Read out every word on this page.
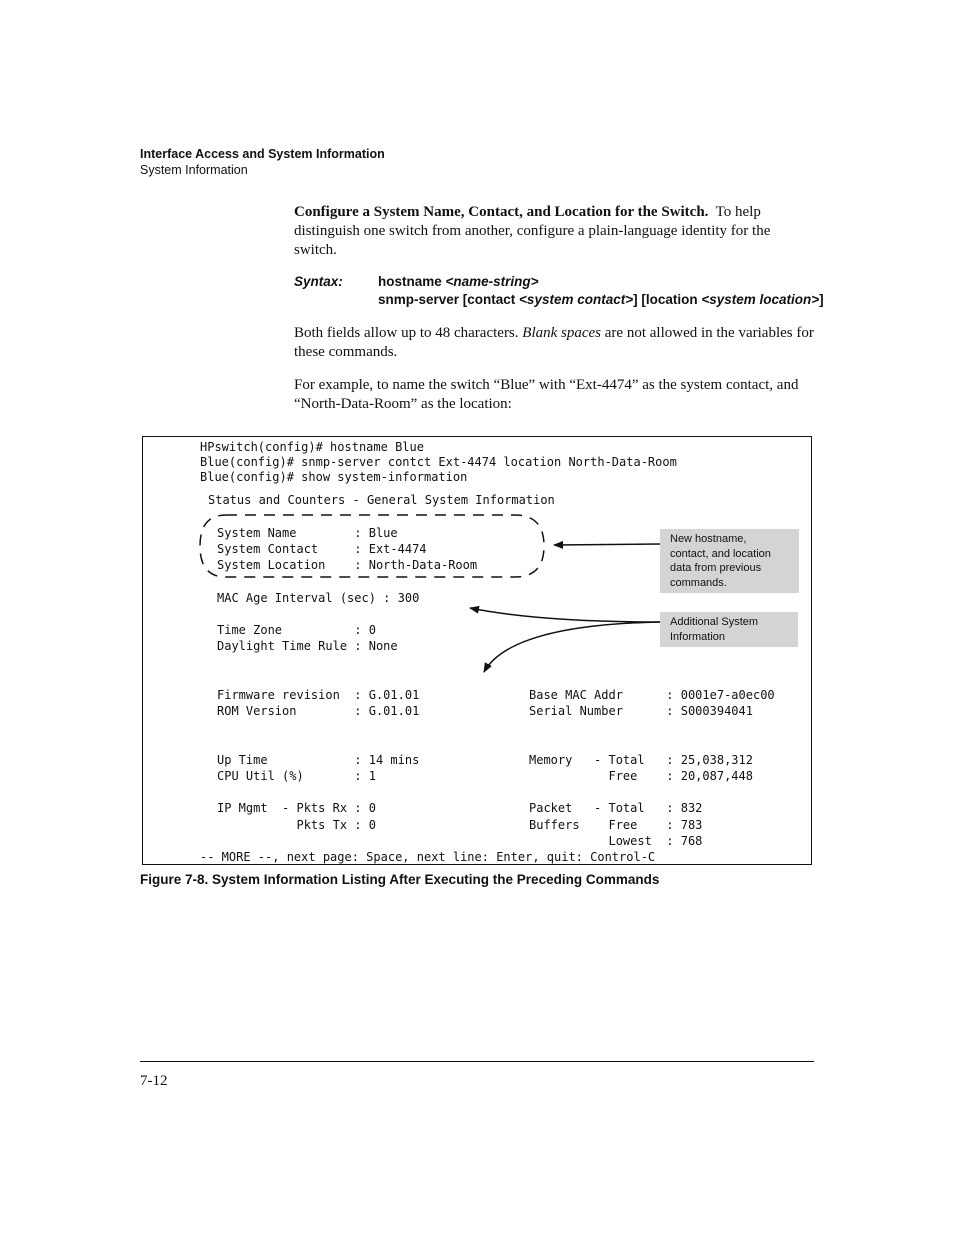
Interface Access and System Information
System Information
Configure a System Name, Contact, and Location for the Switch. To help distinguish one switch from another, configure a plain-language identity for the switch.
Syntax:	hostname <name-string>
snmp-server [contact <system contact>] [location <system location>]
Both fields allow up to 48 characters. Blank spaces are not allowed in the variables for these commands.
For example, to name the switch “Blue” with “Ext-4474” as the system contact, and “North-Data-Room” as the location:
HPswitch(config)# hostname Blue
Blue(config)# snmp-server contct Ext-4474 location North-Data-Room
Blue(config)# show system-information
Status and Counters - General System Information
System Name        : Blue
System Contact     : Ext-4474
System Location    : North-Data-Room
MAC Age Interval (sec) : 300
Time Zone          : 0
Daylight Time Rule : None
Firmware revision  : G.01.01
ROM Version        : G.01.01
Base MAC Addr      : 0001e7-a0ec00
Serial Number      : S000394041
Up Time            : 14 mins
CPU Util (%)       : 1
Memory   - Total   : 25,038,312
Free    : 20,087,448
IP Mgmt  - Pkts Rx : 0
Pkts Tx : 0
Packet   - Total   : 832
Buffers    Free    : 783
Lowest  : 768
-- MORE --, next page: Space, next line: Enter, quit: Control-C
New hostname,
contact, and location
data from previous
commands.
Additional System
Information
Figure 7-8. System Information Listing After Executing the Preceding Commands
7-12
